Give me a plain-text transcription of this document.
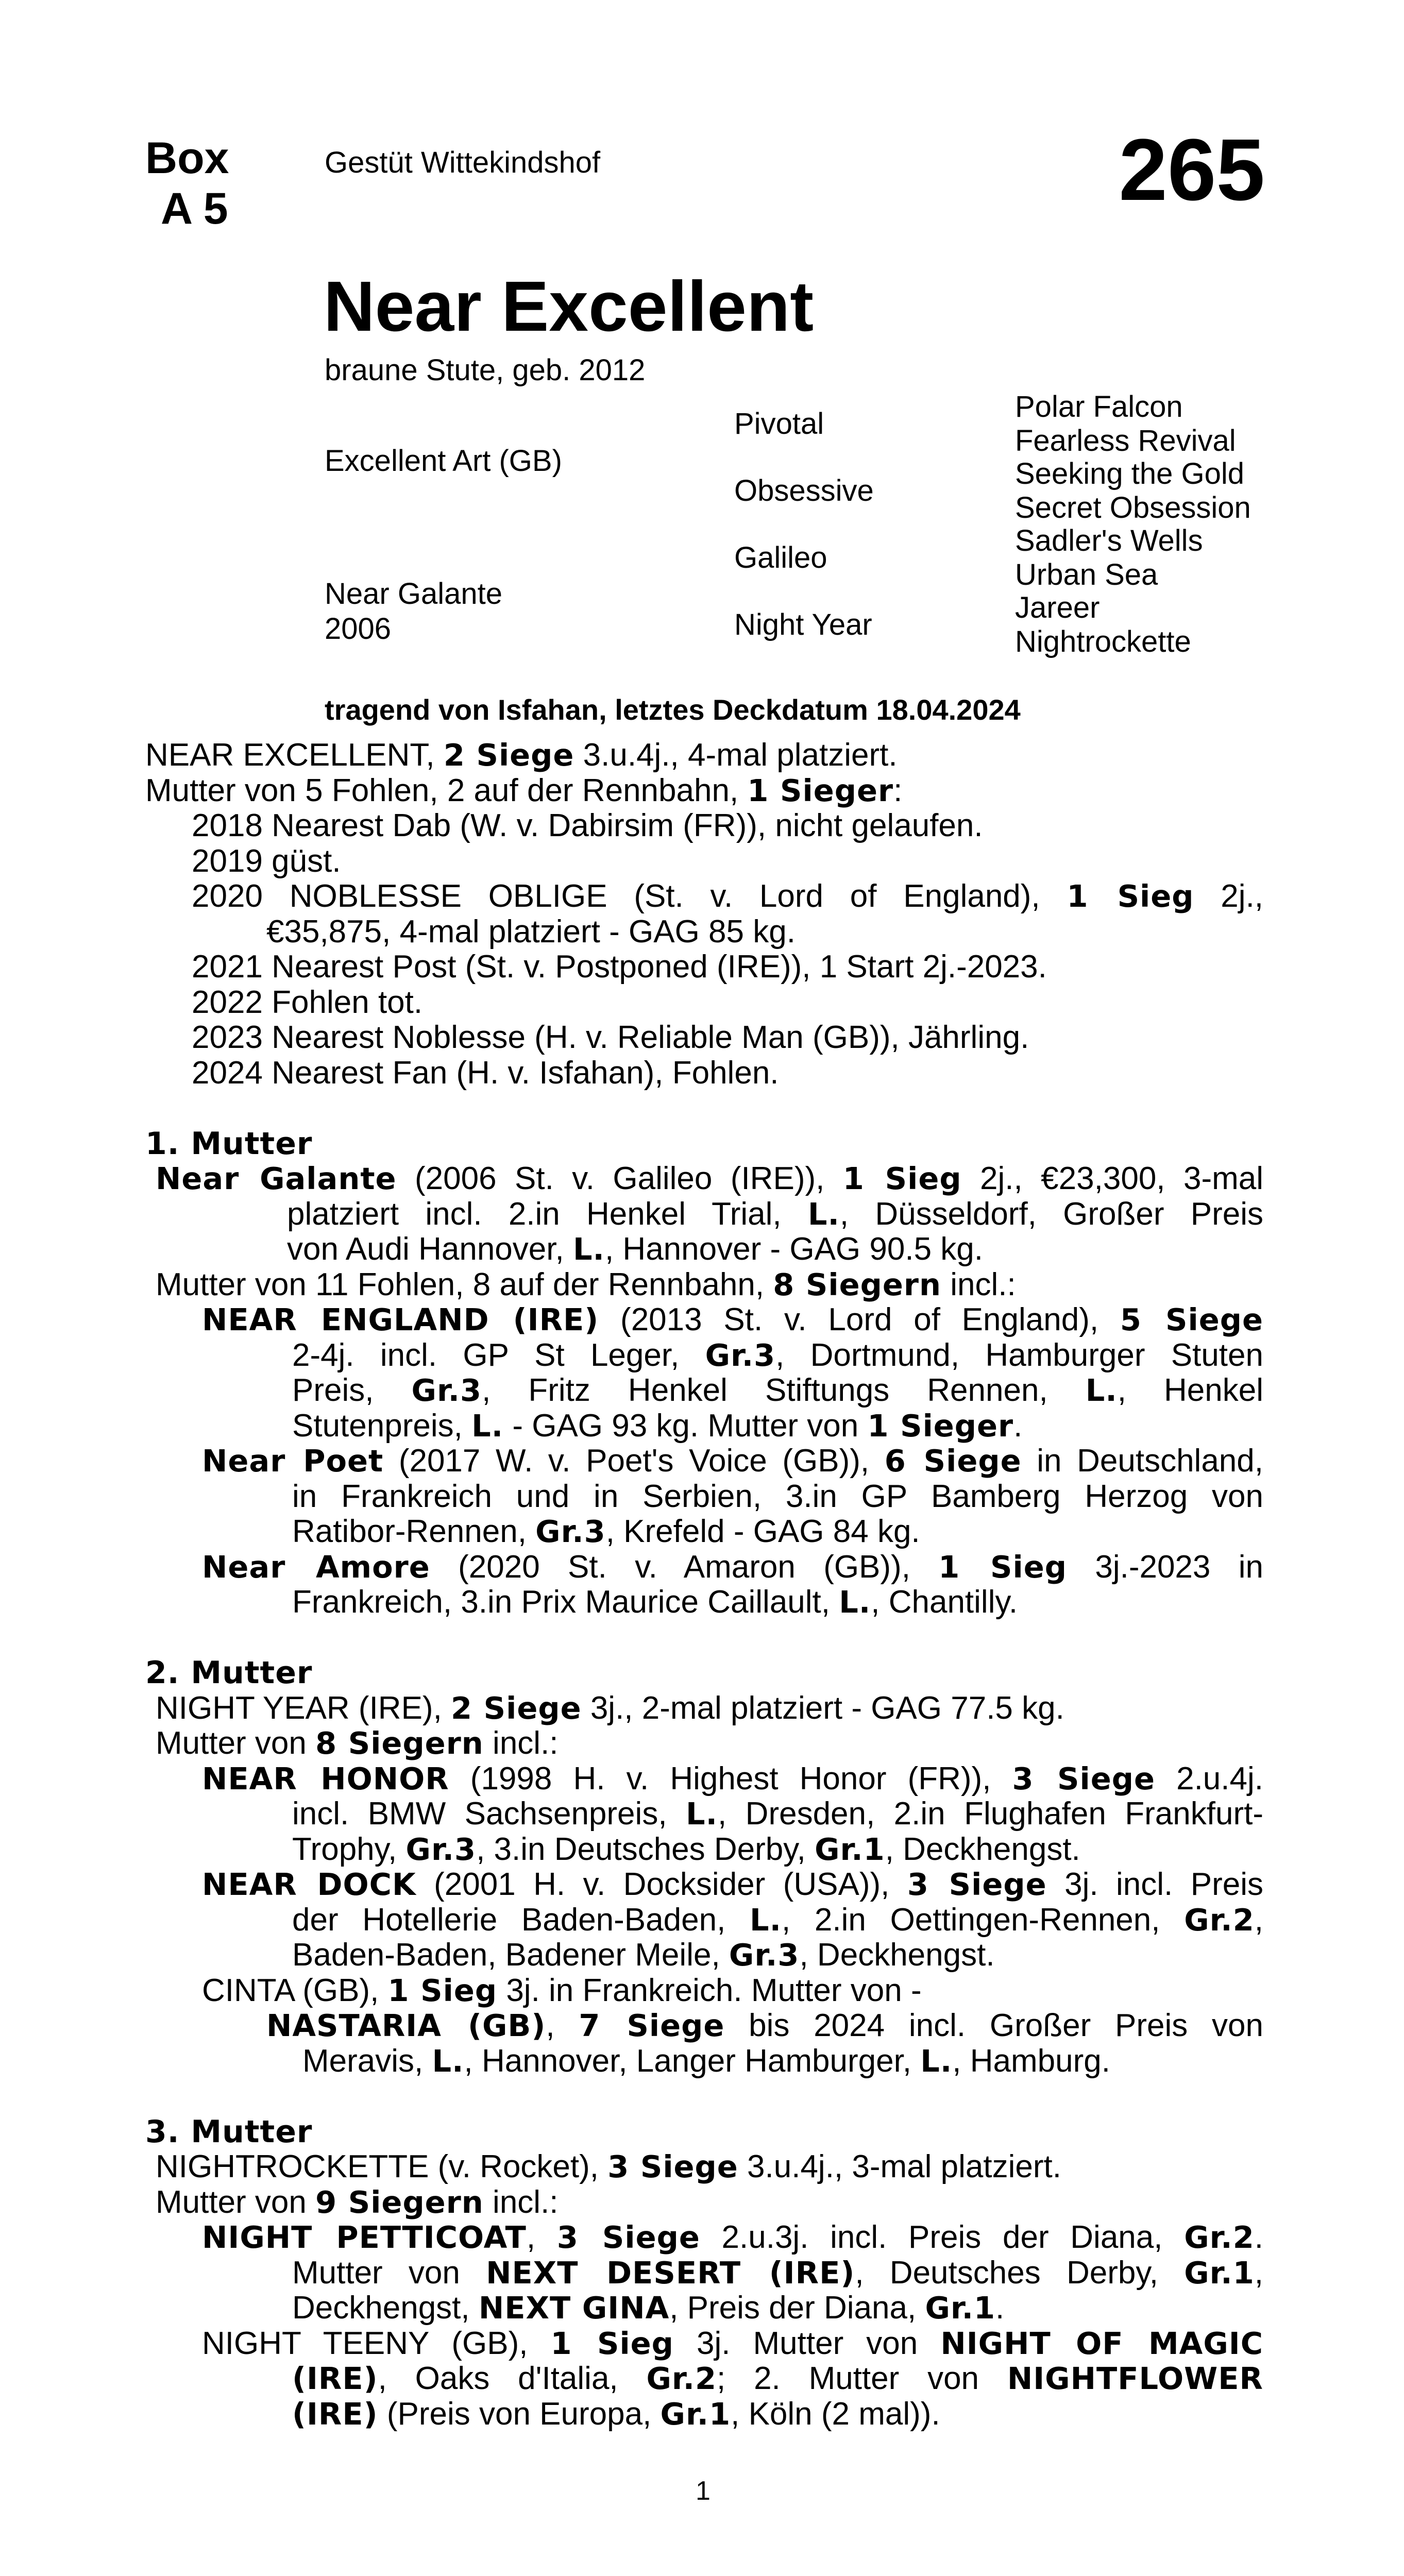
Box
A 5
Gestüt Wittekindshof	265
Near Excellent
braune Stute, geb. 2012
Excellent Art (GB)
Near Galante
2006
Pivotal
Obsessive
Galileo
Night Year
Polar Falcon
Fearless Revival
Seeking the Gold
Secret Obsession
Sadler's Wells
Urban Sea
Jareer
Nightrockette
tragend von Isfahan, letztes Deckdatum 18.04.2024
NEAR EXCELLENT, 2 Siege 3.u.4j., 4-mal platziert.
Mutter von 5 Fohlen, 2 auf der Rennbahn, 1 Sieger:
2018 Nearest Dab (W. v. Dabirsim (FR)), nicht gelaufen.
2019 güst.
2020 NOBLESSE OBLIGE (St. v. Lord of England), 1 Sieg 2j.,
€35,875, 4-mal platziert - GAG 85 kg.
2021 Nearest Post (St. v. Postponed (IRE)), 1 Start 2j.-2023.
2022 Fohlen tot.
2023 Nearest Noblesse (H. v. Reliable Man (GB)), Jährling.
2024 Nearest Fan (H. v. Isfahan), Fohlen.
1. Mutter
Near Galante (2006 St. v. Galileo (IRE)), 1 Sieg 2j., €23,300, 3-mal
platziert incl. 2.in Henkel Trial, L., Düsseldorf, Großer Preis
von Audi Hannover, L., Hannover - GAG 90.5 kg.
Mutter von 11 Fohlen, 8 auf der Rennbahn, 8 Siegern incl.:
NEAR ENGLAND (IRE) (2013 St. v. Lord of England), 5 Siege
2-4j. incl. GP St Leger, Gr.3, Dortmund, Hamburger Stuten
Preis, Gr.3, Fritz Henkel Stiftungs Rennen, L., Henkel
Stutenpreis, L. - GAG 93 kg. Mutter von 1 Sieger.
Near Poet (2017 W. v. Poet's Voice (GB)), 6 Siege in Deutschland,
in Frankreich und in Serbien, 3.in GP Bamberg Herzog von
Ratibor-Rennen, Gr.3, Krefeld - GAG 84 kg.
Near Amore (2020 St. v. Amaron (GB)), 1 Sieg 3j.-2023 in
Frankreich, 3.in Prix Maurice Caillault, L., Chantilly.
2. Mutter
NIGHT YEAR (IRE), 2 Siege 3j., 2-mal platziert - GAG 77.5 kg.
Mutter von 8 Siegern incl.:
NEAR HONOR (1998 H. v. Highest Honor (FR)), 3 Siege 2.u.4j.
incl. BMW Sachsenpreis, L., Dresden, 2.in Flughafen Frankfurt-
Trophy, Gr.3, 3.in Deutsches Derby, Gr.1, Deckhengst.
NEAR DOCK (2001 H. v. Docksider (USA)), 3 Siege 3j. incl. Preis
der Hotellerie Baden-Baden, L., 2.in Oettingen-Rennen, Gr.2,
Baden-Baden, Badener Meile, Gr.3, Deckhengst.
CINTA (GB), 1 Sieg 3j. in Frankreich. Mutter von -
NASTARIA (GB), 7 Siege bis 2024 incl. Großer Preis von
Meravis, L., Hannover, Langer Hamburger, L., Hamburg.
3. Mutter
NIGHTROCKETTE (v. Rocket), 3 Siege 3.u.4j., 3-mal platziert.
Mutter von 9 Siegern incl.:
NIGHT PETTICOAT, 3 Siege 2.u.3j. incl. Preis der Diana, Gr.2.
Mutter von NEXT DESERT (IRE), Deutsches Derby, Gr.1,
Deckhengst, NEXT GINA, Preis der Diana, Gr.1.
NIGHT TEENY (GB), 1 Sieg 3j. Mutter von NIGHT OF MAGIC
(IRE), Oaks d'Italia, Gr.2; 2. Mutter von NIGHTFLOWER
(IRE) (Preis von Europa, Gr.1, Köln (2 mal)).
1
